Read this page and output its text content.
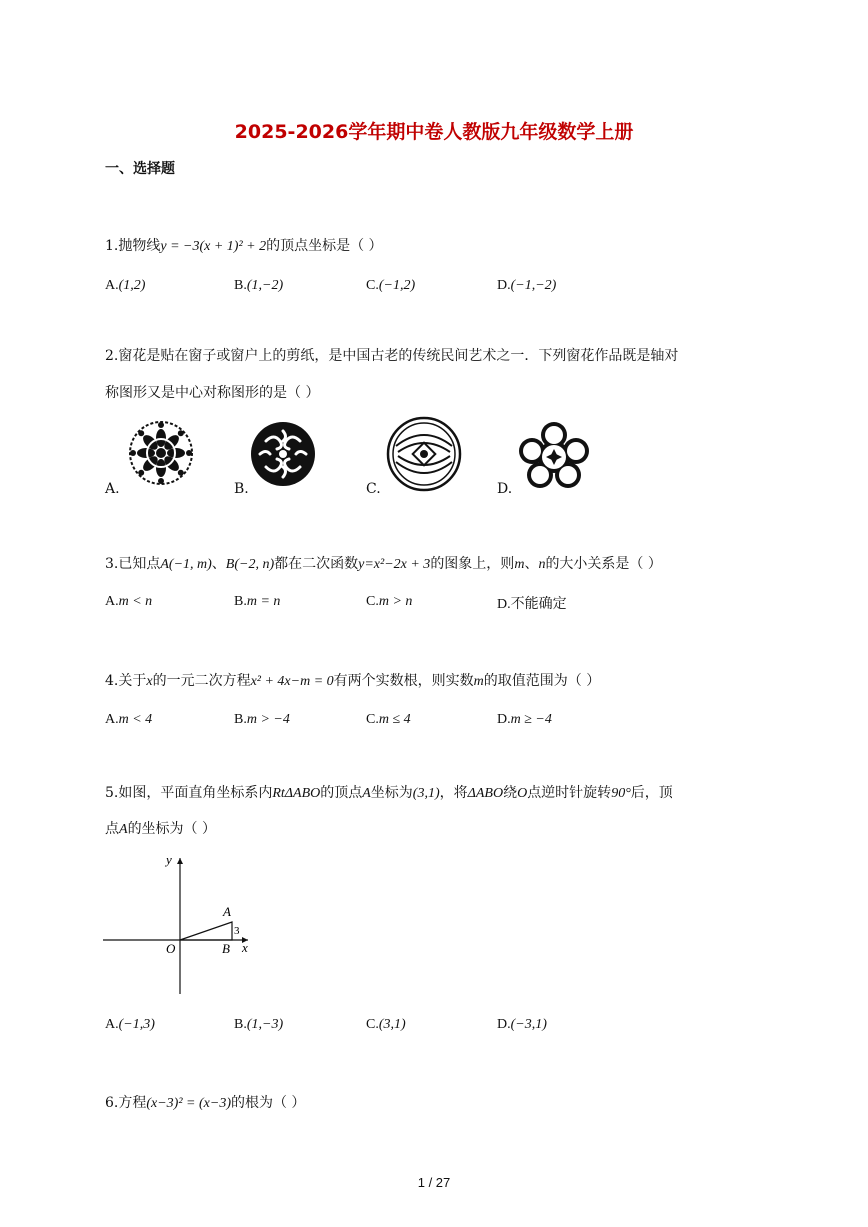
2025-2026学年期中卷人教版九年级数学上册
一、选择题
1.抛物线y = −3(x + 1)² + 2的顶点坐标是（ ）
A.(1,2)	B.(1,−2)	C.(−1,2)	D.(−1,−2)
2.窗花是贴在窗子或窗户上的剪纸，是中国古老的传统民间艺术之一．下列窗花作品既是轴对
称图形又是中心对称图形的是（ ）
A.	B.	C.	D.
3.已知点A(−1, m)、B(−2, n)都在二次函数y=x²−2x + 3的图象上，则m、n的大小关系是（ ）
A.m < n	B.m = n	C.m > n	D.不能确定
4.关于x的一元二次方程x² + 4x−m = 0有两个实数根，则实数m的取值范围为（ ）
A.m < 4	B.m > −4	C.m ≤ 4	D.m ≥ −4
5.如图，平面直角坐标系内RtΔABO的顶点A坐标为(3,1)，将ΔABO绕O点逆时针旋转90°后，顶
点A的坐标为（ ）
y
x
O
A
B
3
A.(−1,3)	B.(1,−3)	C.(3,1)	D.(−3,1)
6.方程(x−3)² = (x−3)的根为（ ）
1 / 27
